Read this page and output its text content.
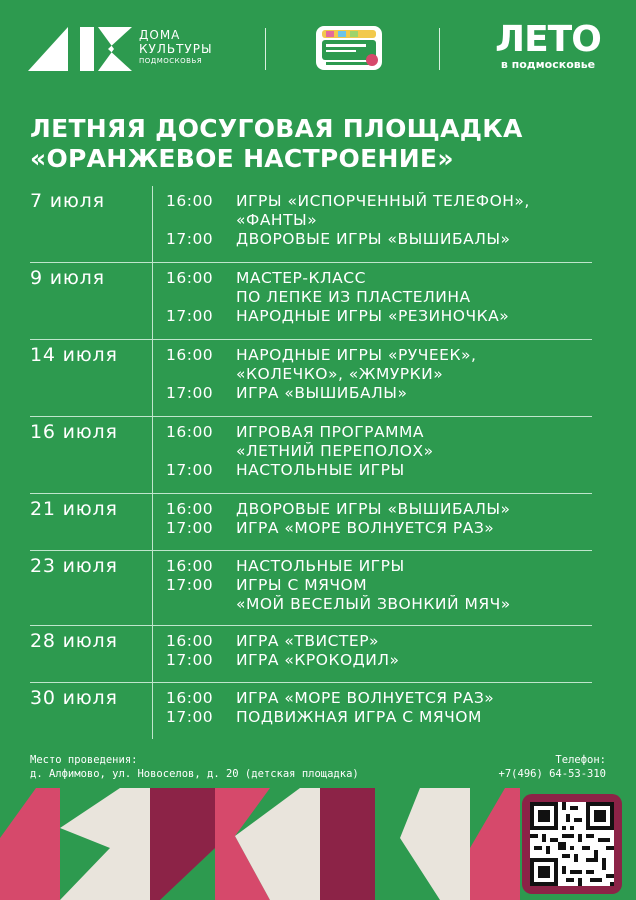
ДОМА
КУЛЬТУРЫ
ПОДМОСКОВЬЯ
ЛЕТО
в подмосковье
ЛЕТНЯЯ ДОСУГОВАЯ ПЛОЩАДКА
«ОРАНЖЕВОЕ НАСТРОЕНИЕ»
7 июля	16:00	ИГРЫ «ИСПОРЧЕННЫЙ ТЕЛЕФОН»,
«ФАНТЫ»
17:00	ДВОРОВЫЕ ИГРЫ «ВЫШИБАЛЫ»
9 июля	16:00	МАСТЕР-КЛАСС
ПО ЛЕПКЕ ИЗ ПЛАСТЕЛИНА
17:00	НАРОДНЫЕ ИГРЫ «РЕЗИНОЧКА»
14 июля	16:00	НАРОДНЫЕ ИГРЫ «РУЧЕЕК»,
«КОЛЕЧКО», «ЖМУРКИ»
17:00	ИГРА «ВЫШИБАЛЫ»
16 июля	16:00	ИГРОВАЯ ПРОГРАММА
«ЛЕТНИЙ ПЕРЕПОЛОХ»
17:00	НАСТОЛЬНЫЕ ИГРЫ
21 июля	16:00	ДВОРОВЫЕ ИГРЫ «ВЫШИБАЛЫ»
17:00	ИГРА «МОРЕ ВОЛНУЕТСЯ РАЗ»
23 июля	16:00	НАСТОЛЬНЫЕ ИГРЫ
17:00	ИГРЫ С МЯЧОМ
«МОЙ ВЕСЕЛЫЙ ЗВОНКИЙ МЯЧ»
28 июля	16:00	ИГРА «ТВИСТЕР»
17:00	ИГРА «КРОКОДИЛ»
30 июля	16:00	ИГРА «МОРЕ ВОЛНУЕТСЯ РАЗ»
17:00	ПОДВИЖНАЯ ИГРА С МЯЧОМ
Место проведения:
д. Алфимово, ул. Новоселов, д. 20 (детская площадка)
Телефон:
+7(496) 64-53-310
